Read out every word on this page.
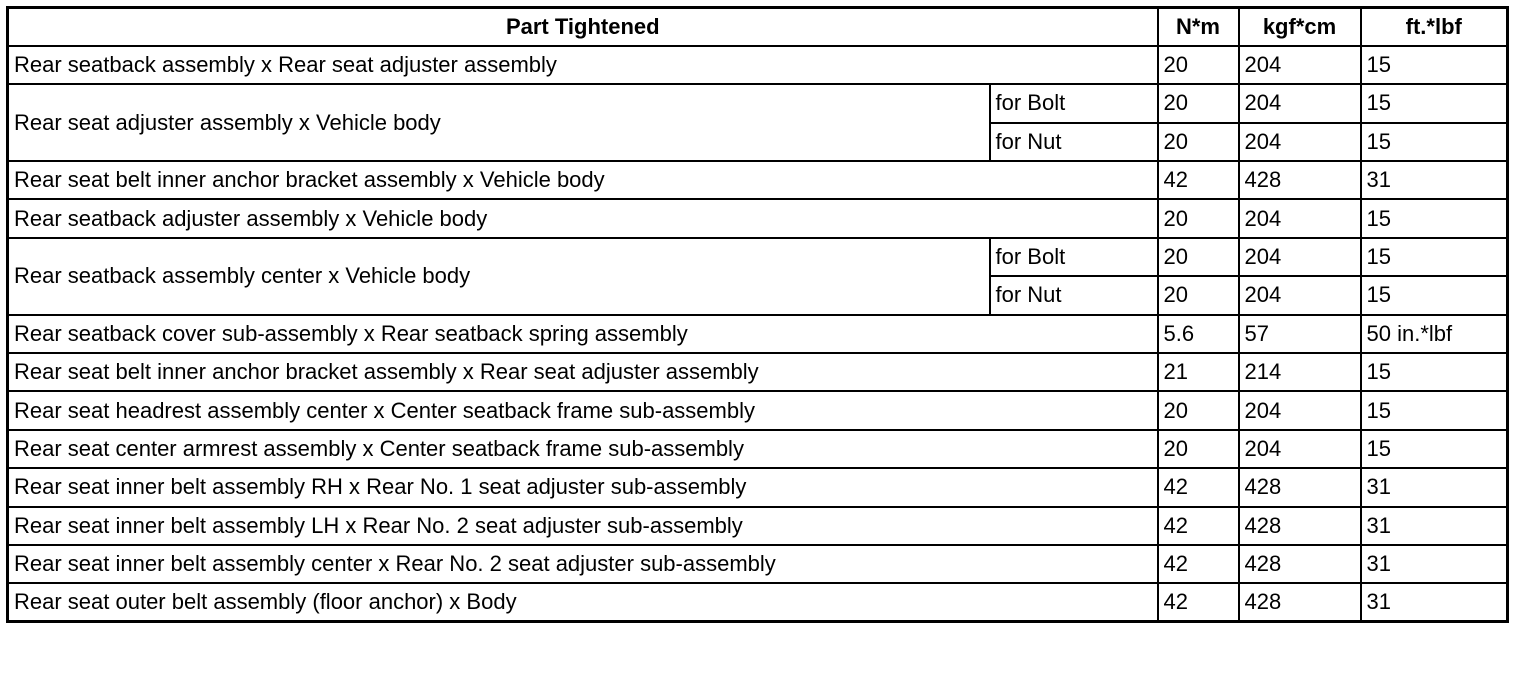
Part Tightened		N*m	kgf*cm	ft.*lbf
Rear seatback assembly x Rear seat adjuster assembly		20	204	15
Rear seat adjuster assembly x Vehicle body	for Bolt	20	204	15
	for Nut	20	204	15
Rear seat belt inner anchor bracket assembly x Vehicle body		42	428	31
Rear seatback adjuster assembly x Vehicle body		20	204	15
Rear seatback assembly center x Vehicle body	for Bolt	20	204	15
	for Nut	20	204	15
Rear seatback cover sub-assembly x Rear seatback spring assembly		5.6	57	50 in.*lbf
Rear seat belt inner anchor bracket assembly x Rear seat adjuster assembly		21	214	15
Rear seat headrest assembly center x Center seatback frame sub-assembly		20	204	15
Rear seat center armrest assembly x Center seatback frame sub-assembly		20	204	15
Rear seat inner belt assembly RH x Rear No. 1 seat adjuster sub-assembly		42	428	31
Rear seat inner belt assembly LH x Rear No. 2 seat adjuster sub-assembly		42	428	31
Rear seat inner belt assembly center x Rear No. 2 seat adjuster sub-assembly		42	428	31
Rear seat outer belt assembly (floor anchor) x Body		42	428	31
